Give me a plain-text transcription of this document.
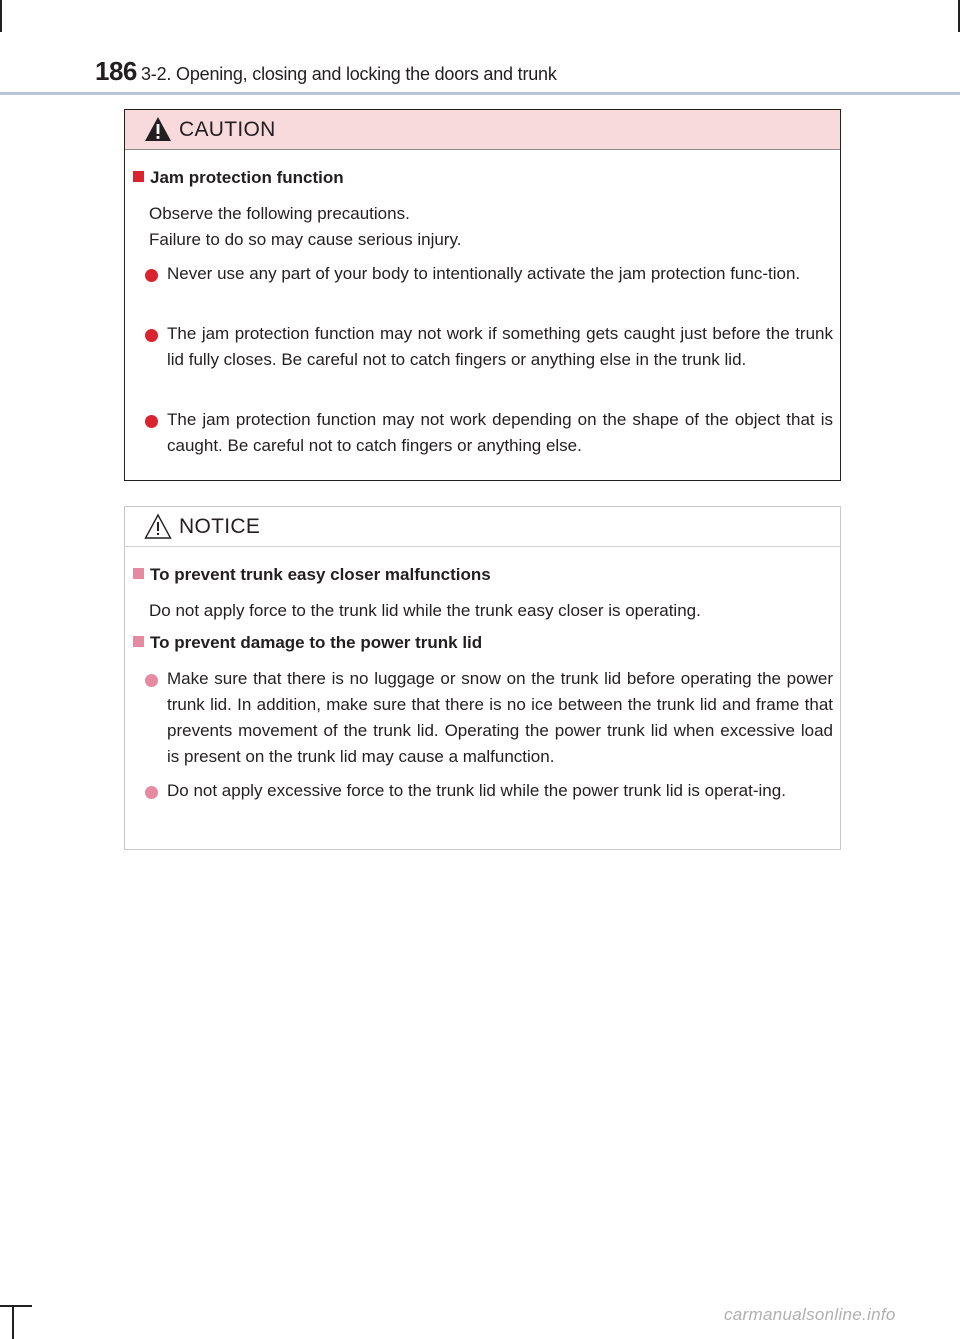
186 3-2. Opening, closing and locking the doors and trunk
CAUTION
Jam protection function
Observe the following precautions.
Failure to do so may cause serious injury.
Never use any part of your body to intentionally activate the jam protection func-tion.
The jam protection function may not work if something gets caught just before the trunk lid fully closes. Be careful not to catch fingers or anything else in the trunk lid.
The jam protection function may not work depending on the shape of the object that is caught. Be careful not to catch fingers or anything else.
NOTICE
To prevent trunk easy closer malfunctions
Do not apply force to the trunk lid while the trunk easy closer is operating.
To prevent damage to the power trunk lid
Make sure that there is no luggage or snow on the trunk lid before operating the power trunk lid. In addition, make sure that there is no ice between the trunk lid and frame that prevents movement of the trunk lid. Operating the power trunk lid when excessive load is present on the trunk lid may cause a malfunction.
Do not apply excessive force to the trunk lid while the power trunk lid is operat-ing.
carmanualsonline.info
